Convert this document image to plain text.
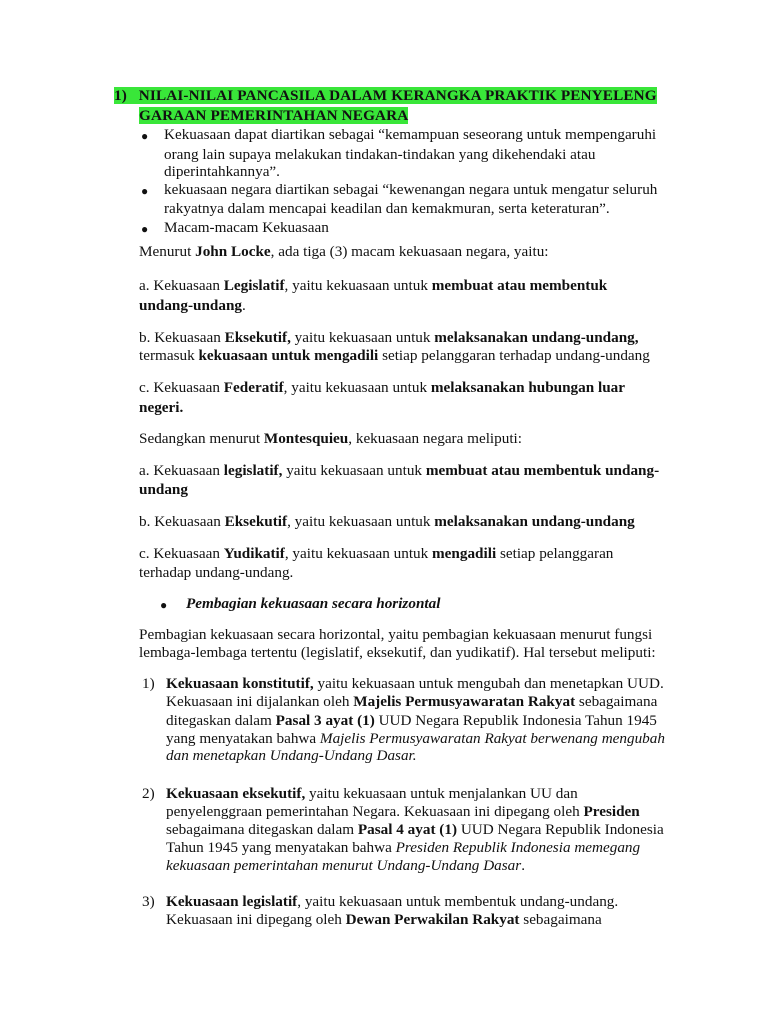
1) NILAI-NILAI PANCASILA DALAM KERANGKA PRAKTIK PENYELENG
GARAAN PEMERINTAHAN NEGARA
● Kekuasaan dapat diartikan sebagai “kemampuan seseorang untuk mempengaruhi
orang lain supaya melakukan tindakan-tindakan yang dikehendaki atau
diperintahkannya”.
● kekuasaan negara diartikan sebagai “kewenangan negara untuk mengatur seluruh
rakyatnya dalam mencapai keadilan dan kemakmuran, serta keteraturan”.
● Macam-macam Kekuasaan
Menurut John Locke, ada tiga (3) macam kekuasaan negara, yaitu:
a. Kekuasaan Legislatif, yaitu kekuasaan untuk membuat atau membentuk
undang-undang.
b. Kekuasaan Eksekutif, yaitu kekuasaan untuk melaksanakan undang-undang,
termasuk kekuasaan untuk mengadili setiap pelanggaran terhadap undang-undang
c. Kekuasaan Federatif, yaitu kekuasaan untuk melaksanakan hubungan luar
negeri.
Sedangkan menurut Montesquieu, kekuasaan negara meliputi:
a. Kekuasaan legislatif, yaitu kekuasaan untuk membuat atau membentuk undang-
undang
b. Kekuasaan Eksekutif, yaitu kekuasaan untuk melaksanakan undang-undang
c. Kekuasaan Yudikatif, yaitu kekuasaan untuk mengadili setiap pelanggaran
terhadap undang-undang.
● Pembagian kekuasaan secara horizontal
Pembagian kekuasaan secara horizontal, yaitu pembagian kekuasaan menurut fungsi
lembaga-lembaga tertentu (legislatif, eksekutif, dan yudikatif). Hal tersebut meliputi:
1) Kekuasaan konstitutif, yaitu kekuasaan untuk mengubah dan menetapkan UUD.
Kekuasaan ini dijalankan oleh Majelis Permusyawaratan Rakyat sebagaimana
ditegaskan dalam Pasal 3 ayat (1) UUD Negara Republik Indonesia Tahun 1945
yang menyatakan bahwa Majelis Permusyawaratan Rakyat berwenang mengubah
dan menetapkan Undang-Undang Dasar.
2) Kekuasaan eksekutif, yaitu kekuasaan untuk menjalankan UU dan
penyelenggraan pemerintahan Negara. Kekuasaan ini dipegang oleh Presiden
sebagaimana ditegaskan dalam Pasal 4 ayat (1) UUD Negara Republik Indonesia
Tahun 1945 yang menyatakan bahwa Presiden Republik Indonesia memegang
kekuasaan pemerintahan menurut Undang-Undang Dasar.
3) Kekuasaan legislatif, yaitu kekuasaan untuk membentuk undang-undang.
Kekuasaan ini dipegang oleh Dewan Perwakilan Rakyat sebagaimana
